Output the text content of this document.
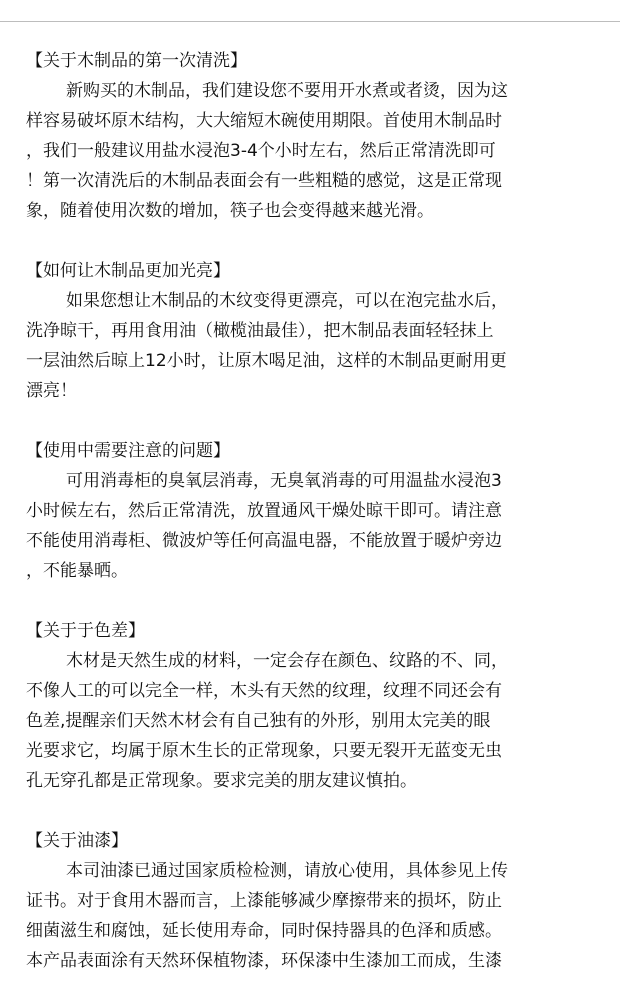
【关于木制品的第一次清洗】
新购买的木制品，我们建设您不要用开水煮或者烫，因为这
样容易破坏原木结构，大大缩短木碗使用期限。首使用木制品时
，我们一般建议用盐水浸泡3-4个小时左右，然后正常清洗即可
！第一次清洗后的木制品表面会有一些粗糙的感觉，这是正常现
象，随着使用次数的增加，筷子也会变得越来越光滑。
【如何让木制品更加光亮】
如果您想让木制品的木纹变得更漂亮，可以在泡完盐水后，
洗净晾干，再用食用油（橄榄油最佳），把木制品表面轻轻抹上
一层油然后晾上12小时，让原木喝足油，这样的木制品更耐用更
漂亮！
【使用中需要注意的问题】
可用消毒柜的臭氧层消毒，无臭氧消毒的可用温盐水浸泡3
小时候左右，然后正常清洗，放置通风干燥处晾干即可。请注意
不能使用消毒柜、微波炉等任何高温电器，不能放置于暖炉旁边
，不能暴晒。
【关于于色差】
木材是天然生成的材料，一定会存在颜色、纹路的不、同，
不像人工的可以完全一样，木头有天然的纹理，纹理不同还会有
色差,提醒亲们天然木材会有自己独有的外形，别用太完美的眼
光要求它，均属于原木生长的正常现象，只要无裂开无蓝变无虫
孔无穿孔都是正常现象。要求完美的朋友建议慎拍。
【关于油漆】
本司油漆已通过国家质检检测，请放心使用，具体参见上传
证书。对于食用木器而言，上漆能够减少摩擦带来的损坏，防止
细菌滋生和腐蚀，延长使用寿命，同时保持器具的色泽和质感。
本产品表面涂有天然环保植物漆，环保漆中生漆加工而成，生漆
